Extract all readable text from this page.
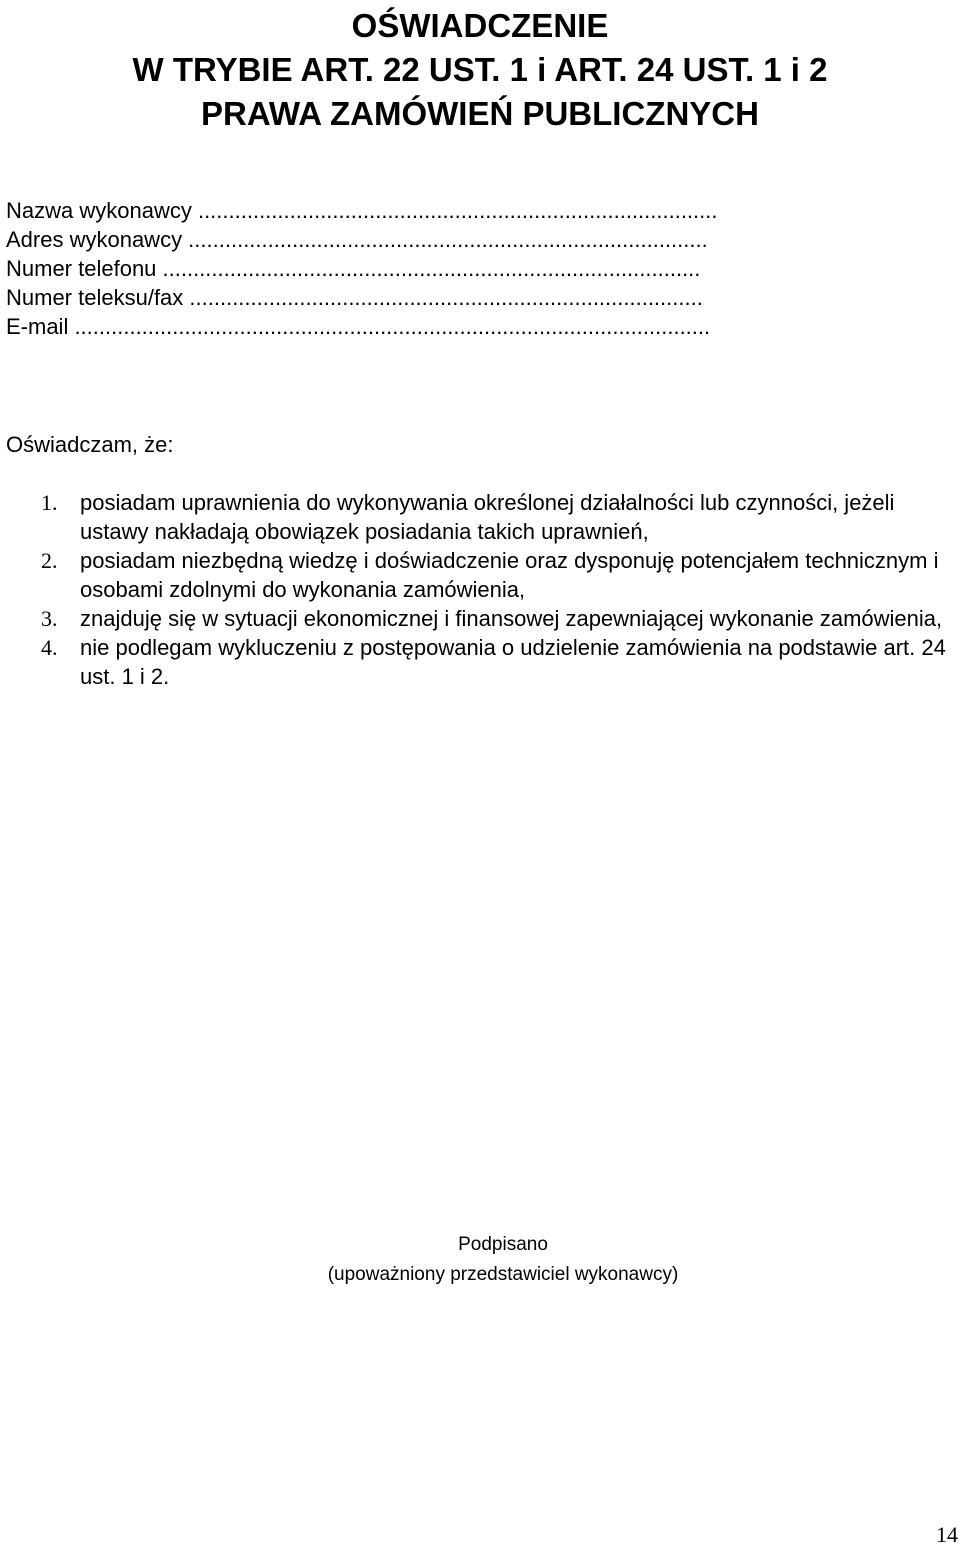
OŚWIADCZENIE
W TRYBIE ART. 22 UST. 1 i ART. 24 UST. 1 i 2
PRAWA ZAMÓWIEŃ PUBLICZNYCH
Nazwa wykonawcy .....................................................................................
Adres wykonawcy .....................................................................................
Numer telefonu ........................................................................................
Numer teleksu/fax ....................................................................................
E-mail ........................................................................................................

Oświadczam, że:

1. posiadam uprawnienia do wykonywania określonej działalności lub czynności, jeżeli ustawy nakładają obowiązek posiadania takich uprawnień,
2. posiadam niezbędną wiedzę i doświadczenie oraz dysponuję potencjałem technicznym i osobami zdolnymi do wykonania zamówienia,
3. znajduję się w sytuacji ekonomicznej i finansowej zapewniającej wykonanie zamówienia,
4. nie podlegam wykluczeniu z postępowania o udzielenie zamówienia na podstawie art. 24 ust. 1 i 2.
Podpisano
(upoważniony przedstawiciel wykonawcy)
14
